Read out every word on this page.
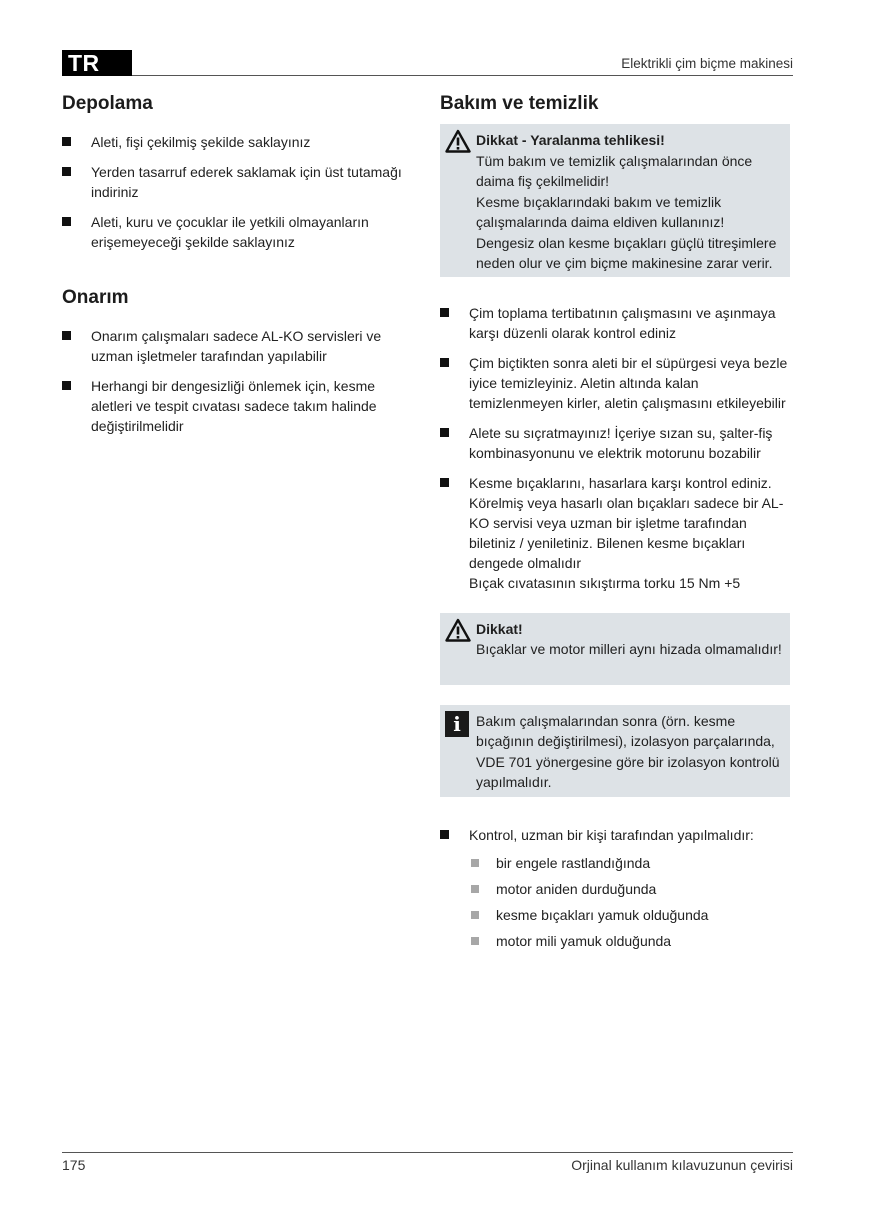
TR	Elektrikli çim biçme makinesi
Depolama
Aleti, fişi çekilmiş şekilde saklayınız
Yerden tasarruf ederek saklamak için üst tutamağı indiriniz
Aleti, kuru ve çocuklar ile yetkili olmayanların erişemeyeceği şekilde saklayınız
Onarım
Onarım çalışmaları sadece AL-KO servisleri ve uzman işletmeler tarafından yapılabilir
Herhangi bir dengesizliği önlemek için, kesme aletleri ve tespit cıvatası sadece takım halinde değiştirilmelidir
Bakım ve temizlik

Dikkat - Yaralanma tehlikesi!

Tüm bakım ve temizlik çalışmalarından önce daima fiş çekilmelidir!

Kesme bıçaklarındaki bakım ve temizlik çalışmalarında daima eldiven kullanınız!

Dengesiz olan kesme bıçakları güçlü titreşimlere neden olur ve çim biçme makinesine zarar verir.

Çim toplama tertibatının çalışmasını ve aşınmaya karşı düzenli olarak kontrol ediniz
Çim biçtikten sonra aleti bir el süpürgesi veya bezle iyice temizleyiniz. Aletin altında kalan temizlenmeyen kirler, aletin çalışmasını etkileyebilir
Alete su sıçratmayınız! İçeriye sızan su, şalter-fiş kombinasyonunu ve elektrik motorunu bozabilir
Kesme bıçaklarını, hasarlara karşı kontrol ediniz. Körelmiş veya hasarlı olan bıçakları sadece bir AL-KO servisi veya uzman bir işletme tarafından biletiniz / yeniletiniz. Bilenen kesme bıçakları dengede olmalıdır
Bıçak cıvatasının sıkıştırma torku 15 Nm +5

Dikkat!

Bıçaklar ve motor milleri aynı hizada olmamalıdır!

i	Bakım çalışmalarından sonra (örn. kesme bıçağının değiştirilmesi), izolasyon parçalarında, VDE 701 yönergesine göre bir izolasyon kontrolü yapılmalıdır.

Kontrol, uzman bir kişi tarafından yapılmalıdır:
bir engele rastlandığında
motor aniden durduğunda
kesme bıçakları yamuk olduğunda
motor mili yamuk olduğunda
175	Orjinal kullanım kılavuzunun çevirisi
